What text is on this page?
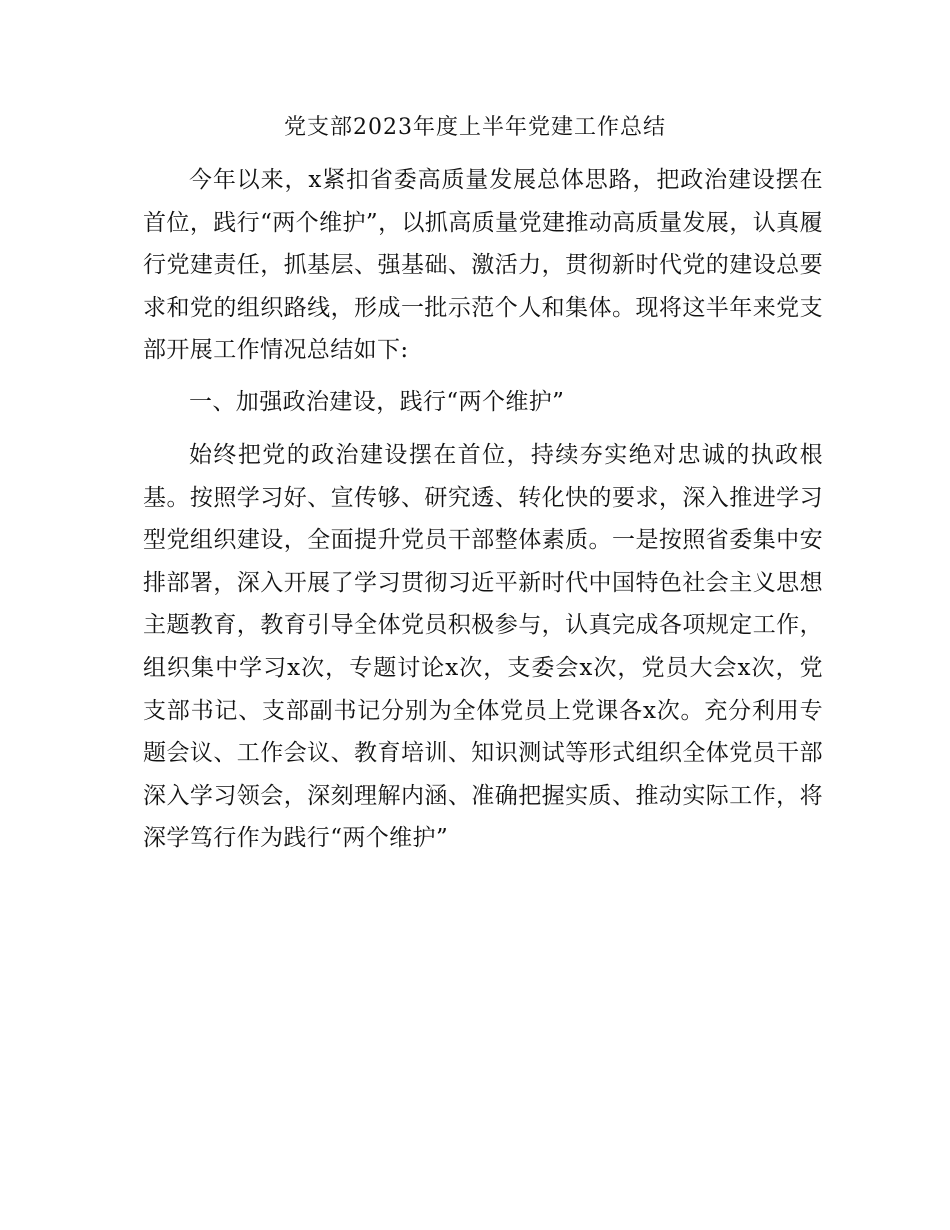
党支部2023年度上半年党建工作总结

今年以来，x紧扣省委高质量发展总体思路，把政治建设摆在首位，践行“两个维护”，以抓高质量党建推动高质量发展，认真履行党建责任，抓基层、强基础、激活力，贯彻新时代党的建设总要求和党的组织路线，形成一批示范个人和集体。现将这半年来党支部开展工作情况总结如下:

一、加强政治建设，践行“两个维护”

始终把党的政治建设摆在首位，持续夯实绝对忠诚的执政根基。按照学习好、宣传够、研究透、转化快的要求，深入推进学习型党组织建设，全面提升党员干部整体素质。一是按照省委集中安排部署，深入开展了学习贯彻习近平新时代中国特色社会主义思想主题教育，教育引导全体党员积极参与，认真完成各项规定工作，组织集中学习x次，专题讨论x次，支委会x次，党员大会x次，党支部书记、支部副书记分别为全体党员上党课各x次。充分利用专题会议、工作会议、教育培训、知识测试等形式组织全体党员干部深入学习领会，深刻理解内涵、准确把握实质、推动实际工作，将深学笃行作为践行“两个维护”
